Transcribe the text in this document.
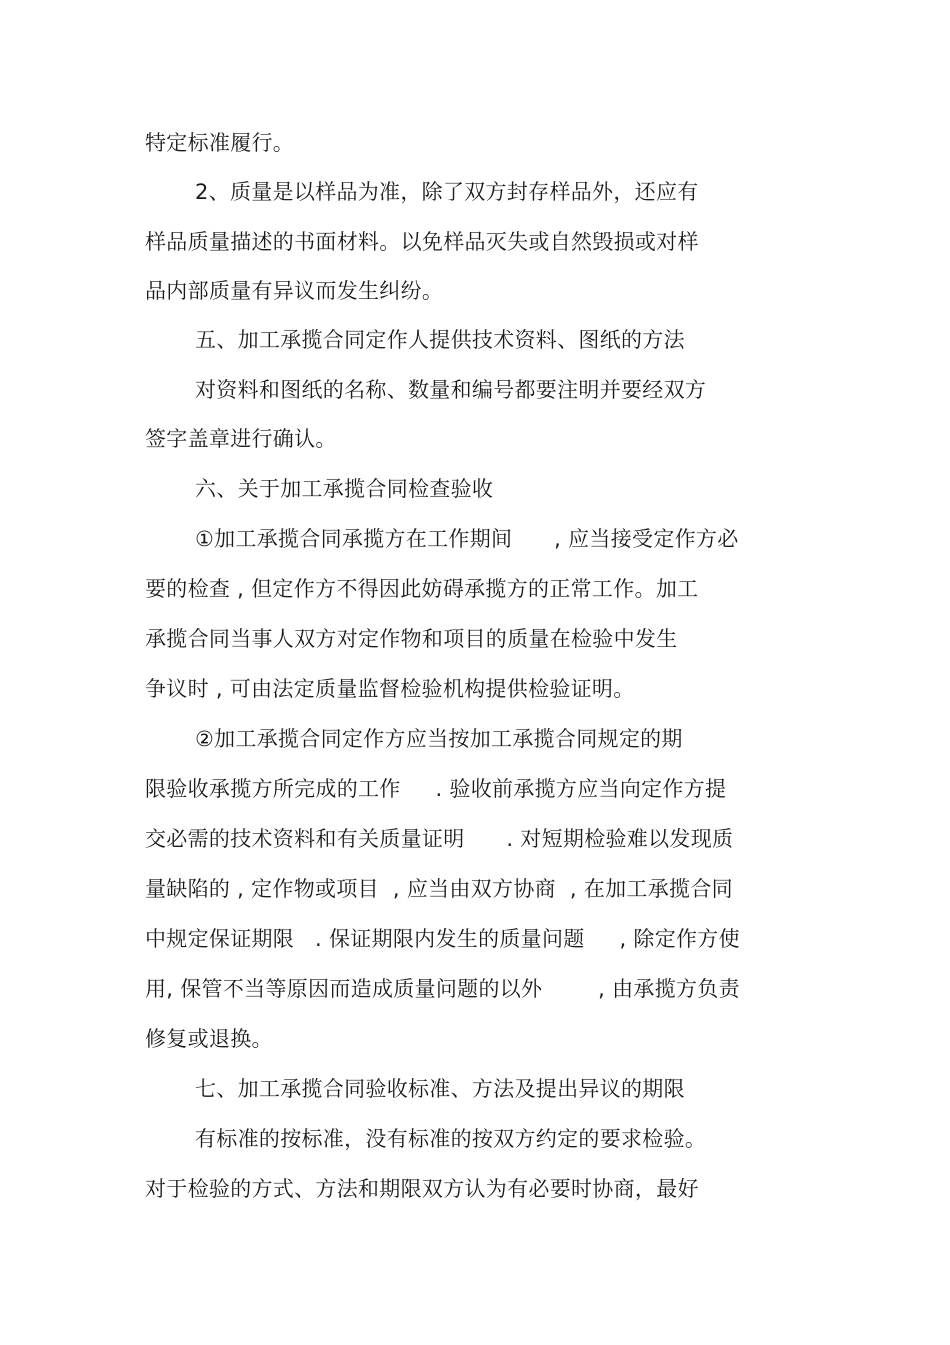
特定标准履行。
2、质量是以样品为准，除了双方封存样品外，还应有
样品质量描述的书面材料。以免样品灭失或自然毁损或对样
品内部质量有异议而发生纠纷。
五、加工承揽合同定作人提供技术资料、图纸的方法
对资料和图纸的名称、数量和编号都要注明并要经双方
签字盖章进行确认。
六、关于加工承揽合同检查验收
①加工承揽合同承揽方在工作期间      , 应当接受定作方必
要的检查 , 但定作方不得因此妨碍承揽方的正常工作。加工
承揽合同当事人双方对定作物和项目的质量在检验中发生
争议时 , 可由法定质量监督检验机构提供检验证明。
②加工承揽合同定作方应当按加工承揽合同规定的期
限验收承揽方所完成的工作     . 验收前承揽方应当向定作方提
交必需的技术资料和有关质量证明      . 对短期检验难以发现质
量缺陷的 , 定作物或项目  , 应当由双方协商  , 在加工承揽合同
中规定保证期限   . 保证期限内发生的质量问题     , 除定作方使
用, 保管不当等原因而造成质量问题的以外        , 由承揽方负责
修复或退换。
七、加工承揽合同验收标准、方法及提出异议的期限
有标准的按标准，没有标准的按双方约定的要求检验。
对于检验的方式、方法和期限双方认为有必要时协商，最好
